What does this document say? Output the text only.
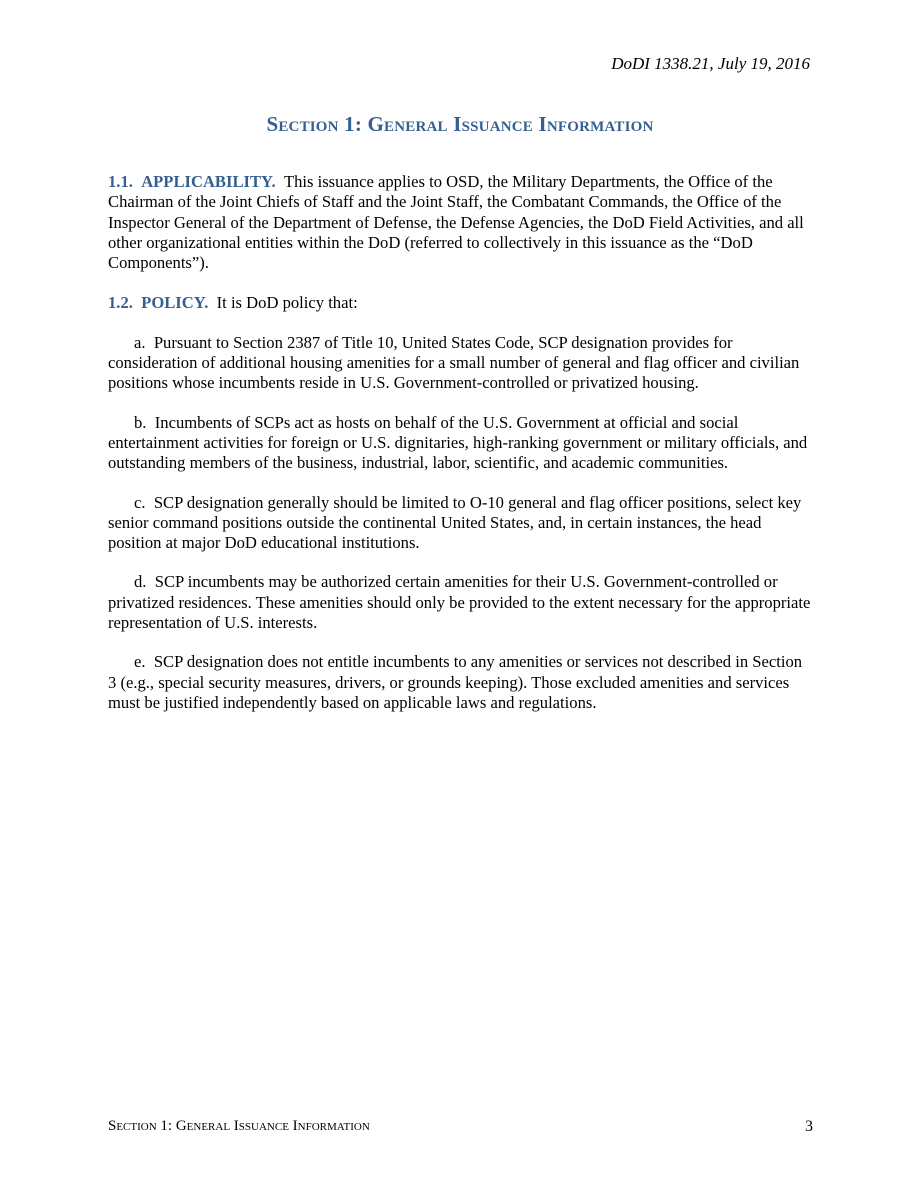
DoDI 1338.21, July 19, 2016
Section 1: General Issuance Information

1.1. APPLICABILITY. This issuance applies to OSD, the Military Departments, the Office of the Chairman of the Joint Chiefs of Staff and the Joint Staff, the Combatant Commands, the Office of the Inspector General of the Department of Defense, the Defense Agencies, the DoD Field Activities, and all other organizational entities within the DoD (referred to collectively in this issuance as the “DoD Components”).

1.2. POLICY. It is DoD policy that:

a. Pursuant to Section 2387 of Title 10, United States Code, SCP designation provides for consideration of additional housing amenities for a small number of general and flag officer and civilian positions whose incumbents reside in U.S. Government-controlled or privatized housing.

b. Incumbents of SCPs act as hosts on behalf of the U.S. Government at official and social entertainment activities for foreign or U.S. dignitaries, high-ranking government or military officials, and outstanding members of the business, industrial, labor, scientific, and academic communities.

c. SCP designation generally should be limited to O-10 general and flag officer positions, select key senior command positions outside the continental United States, and, in certain instances, the head position at major DoD educational institutions.

d. SCP incumbents may be authorized certain amenities for their U.S. Government-controlled or privatized residences. These amenities should only be provided to the extent necessary for the appropriate representation of U.S. interests.

e. SCP designation does not entitle incumbents to any amenities or services not described in Section 3 (e.g., special security measures, drivers, or grounds keeping). Those excluded amenities and services must be justified independently based on applicable laws and regulations.

Section 1: General Issuance Information	3
